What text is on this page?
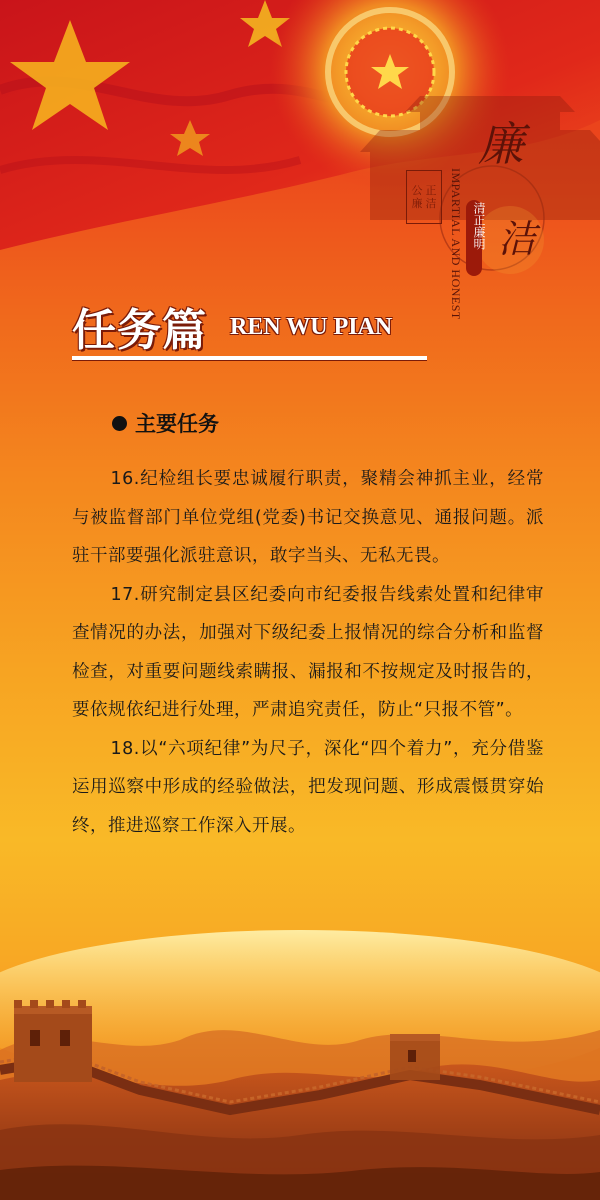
公 正
廉 洁 IMPARTIAL AND HONEST
廉
清正廉明 洁
任务篇 REN WU PIAN
主要任务

16.纪检组长要忠诚履行职责，聚精会神抓主业，经常与被监督部门单位党组(党委)书记交换意见、通报问题。派驻干部要强化派驻意识，敢字当头、无私无畏。

17.研究制定县区纪委向市纪委报告线索处置和纪律审查情况的办法，加强对下级纪委上报情况的综合分析和监督检查，对重要问题线索瞒报、漏报和不按规定及时报告的，要依规依纪进行处理，严肃追究责任，防止“只报不管”。

18.以“六项纪律”为尺子，深化“四个着力”，充分借鉴运用巡察中形成的经验做法，把发现问题、形成震慑贯穿始终，推进巡察工作深入开展。
